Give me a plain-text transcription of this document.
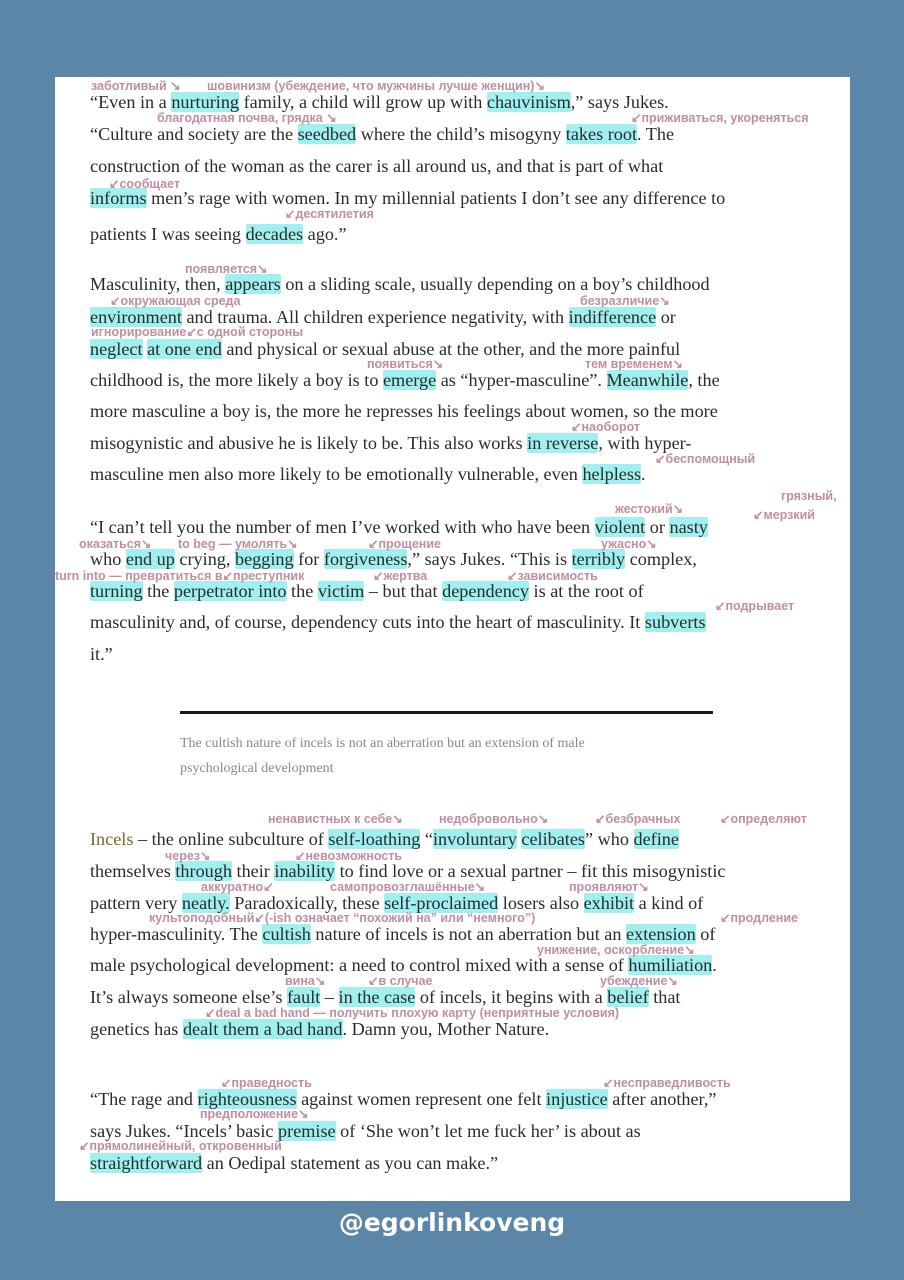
“Even in a nurturing family, a child will grow up with chauvinism,” says Jukes.
“Culture and society are the seedbed where the child’s misogyny takes root. The
construction of the woman as the carer is all around us, and that is part of what
informs men’s rage with women. In my millennial patients I don’t see any difference to
patients I was seeing decades ago.”
Masculinity, then, appears on a sliding scale, usually depending on a boy’s childhood
environment and trauma. All children experience negativity, with indifference or
neglect at one end and physical or sexual abuse at the other, and the more painful
childhood is, the more likely a boy is to emerge as “hyper-masculine”. Meanwhile, the
more masculine a boy is, the more he represses his feelings about women, so the more
misogynistic and abusive he is likely to be. This also works in reverse, with hyper-
masculine men also more likely to be emotionally vulnerable, even helpless.
“I can’t tell you the number of men I’ve worked with who have been violent or nasty
who end up crying, begging for forgiveness,” says Jukes. “This is terribly complex,
turning the perpetrator into the victim – but that dependency is at the root of
masculinity and, of course, dependency cuts into the heart of masculinity. It subverts
it.”
The cultish nature of incels is not an aberration but an extension of male
psychological development
Incels – the online subculture of self-loathing “involuntary celibates” who define
themselves through their inability to find love or a sexual partner – fit this misogynistic
pattern very neatly. Paradoxically, these self-proclaimed losers also exhibit a kind of
hyper-masculinity. The cultish nature of incels is not an aberration but an extension of
male psychological development: a need to control mixed with a sense of humiliation.
It’s always someone else’s fault – in the case of incels, it begins with a belief that
genetics has dealt them a bad hand. Damn you, Mother Nature.
“The rage and righteousness against women represent one felt injustice after another,”
says Jukes. “Incels’ basic premise of ‘She won’t let me fuck her’ is about as
straightforward an Oedipal statement as you can make.”
заботливый ↘ шовинизм (убеждение, что мужчины лучше женщин)↘
благодатная почва, грядка ↘	↙приживаться, укореняться
↙сообщает
↙десятилетия
появляется↘
↙окружающая среда	безразличие↘
игнорирование↙с одной стороны
появиться↘	тем временем↘
↙наоборот
↙беспомощный
жестокий↘
грязный,
↙мерзкий
оказаться↘ to beg — умолять↘	↙прощение	ужасно↘
turn into — превратиться в↙преступник	↙жертва	↙зависимость
↙подрывает
ненавистных к себе↘	недобровольно↘	↙безбрачных	↙определяют
через↘	↙невозможность
аккуратно↙	самопровозглашённые↘	проявляют↘
культоподобный↙(-ish означает “похожий на” или “немного”)	↙продление
унижение, оскорбление↘
вина↘	↙в случае	убеждение↘
↙deal a bad hand — получить плохую карту (неприятные условия)
↙праведность	↙несправедливость
предположение↘
↙прямолинейный, откровенный
@egorlinkoveng
